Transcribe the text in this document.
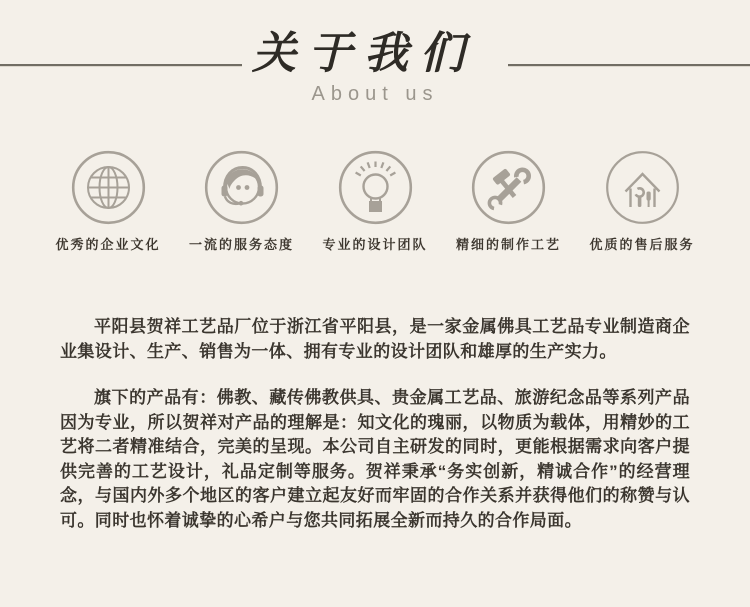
关于我们
About us
优秀的企业文化 一流的服务态度 专业的设计团队 精细的制作工艺 优质的售后服务

平阳县贺祥工艺品厂位于浙江省平阳县，是一家金属佛具工艺品专业制造商企业集设计、生产、销售为一体、拥有专业的设计团队和雄厚的生产实力。

旗下的产品有：佛教、藏传佛教供具、贵金属工艺品、旅游纪念品等系列产品因为专业，所以贺祥对产品的理解是：知文化的瑰丽，以物质为载体，用精妙的工艺将二者精准结合，完美的呈现。本公司自主研发的同时，更能根据需求向客户提供完善的工艺设计，礼品定制等服务。贺祥秉承“务实创新，精诚合作”的经营理念，与国内外多个地区的客户建立起友好而牢固的合作关系并获得他们的称赞与认可。同时也怀着诚挚的心希户与您共同拓展全新而持久的合作局面。
